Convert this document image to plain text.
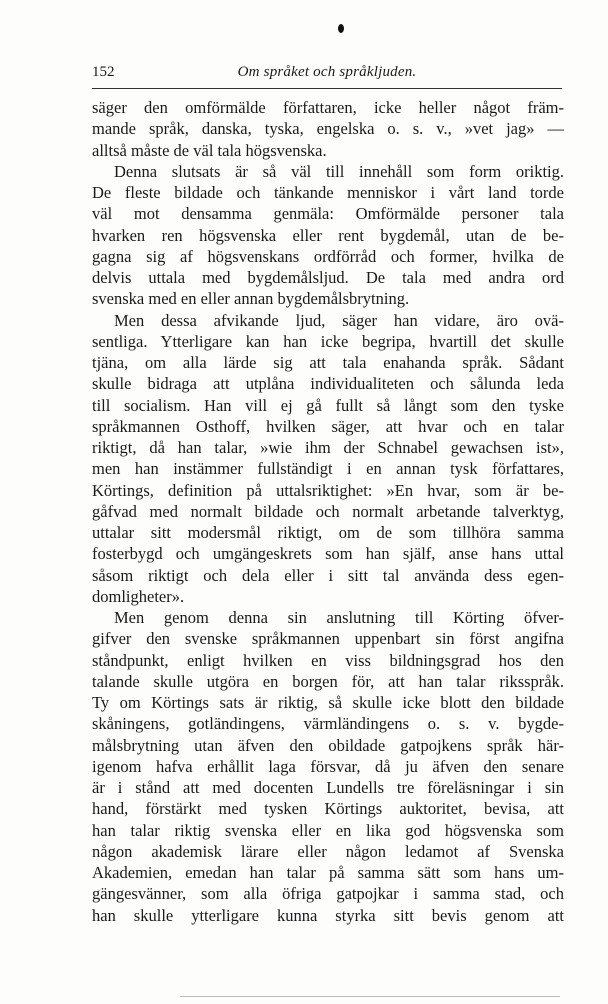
152	Om språket och språkljuden.
säger den omförmälde författaren, icke heller något främ-
mande språk, danska, tyska, engelska o. s. v., »vet jag» —
alltså måste de väl tala högsvenska.
Denna slutsats är så väl till innehåll som form oriktig.
De fleste bildade och tänkande menniskor i vårt land torde
väl mot densamma genmäla: Omförmälde personer tala
hvarken ren högsvenska eller rent bygdemål, utan de be-
gagna sig af högsvenskans ordförråd och former, hvilka de
delvis uttala med bygdemålsljud. De tala med andra ord
svenska med en eller annan bygdemålsbrytning.
Men dessa afvikande ljud, säger han vidare, äro ovä-
sentliga. Ytterligare kan han icke begripa, hvartill det skulle
tjäna, om alla lärde sig att tala enahanda språk. Sådant
skulle bidraga att utplåna individualiteten och sålunda leda
till socialism. Han vill ej gå fullt så långt som den tyske
språkmannen Osthoff, hvilken säger, att hvar och en talar
riktigt, då han talar, »wie ihm der Schnabel gewachsen ist»,
men han instämmer fullständigt i en annan tysk författares,
Körtings, definition på uttalsriktighet: »En hvar, som är be-
gåfvad med normalt bildade och normalt arbetande talverktyg,
uttalar sitt modersmål riktigt, om de som tillhöra samma
fosterbygd och umgängeskrets som han själf, anse hans uttal
såsom riktigt och dela eller i sitt tal använda dess egen-
domligheter».
Men genom denna sin anslutning till Körting öfver-
gifver den svenske språkmannen uppenbart sin först angifna
ståndpunkt, enligt hvilken en viss bildningsgrad hos den
talande skulle utgöra en borgen för, att han talar riksspråk.
Ty om Körtings sats är riktig, så skulle icke blott den bildade
skåningens, gotländingens, värmländingens o. s. v. bygde-
målsbrytning utan äfven den obildade gatpojkens språk här-
igenom hafva erhållit laga försvar, då ju äfven den senare
är i stånd att med docenten Lundells tre föreläsningar i sin
hand, förstärkt med tysken Körtings auktoritet, bevisa, att
han talar riktig svenska eller en lika god högsvenska som
någon akademisk lärare eller någon ledamot af Svenska
Akademien, emedan han talar på samma sätt som hans um-
gängesvänner, som alla öfriga gatpojkar i samma stad, och
han skulle ytterligare kunna styrka sitt bevis genom att
